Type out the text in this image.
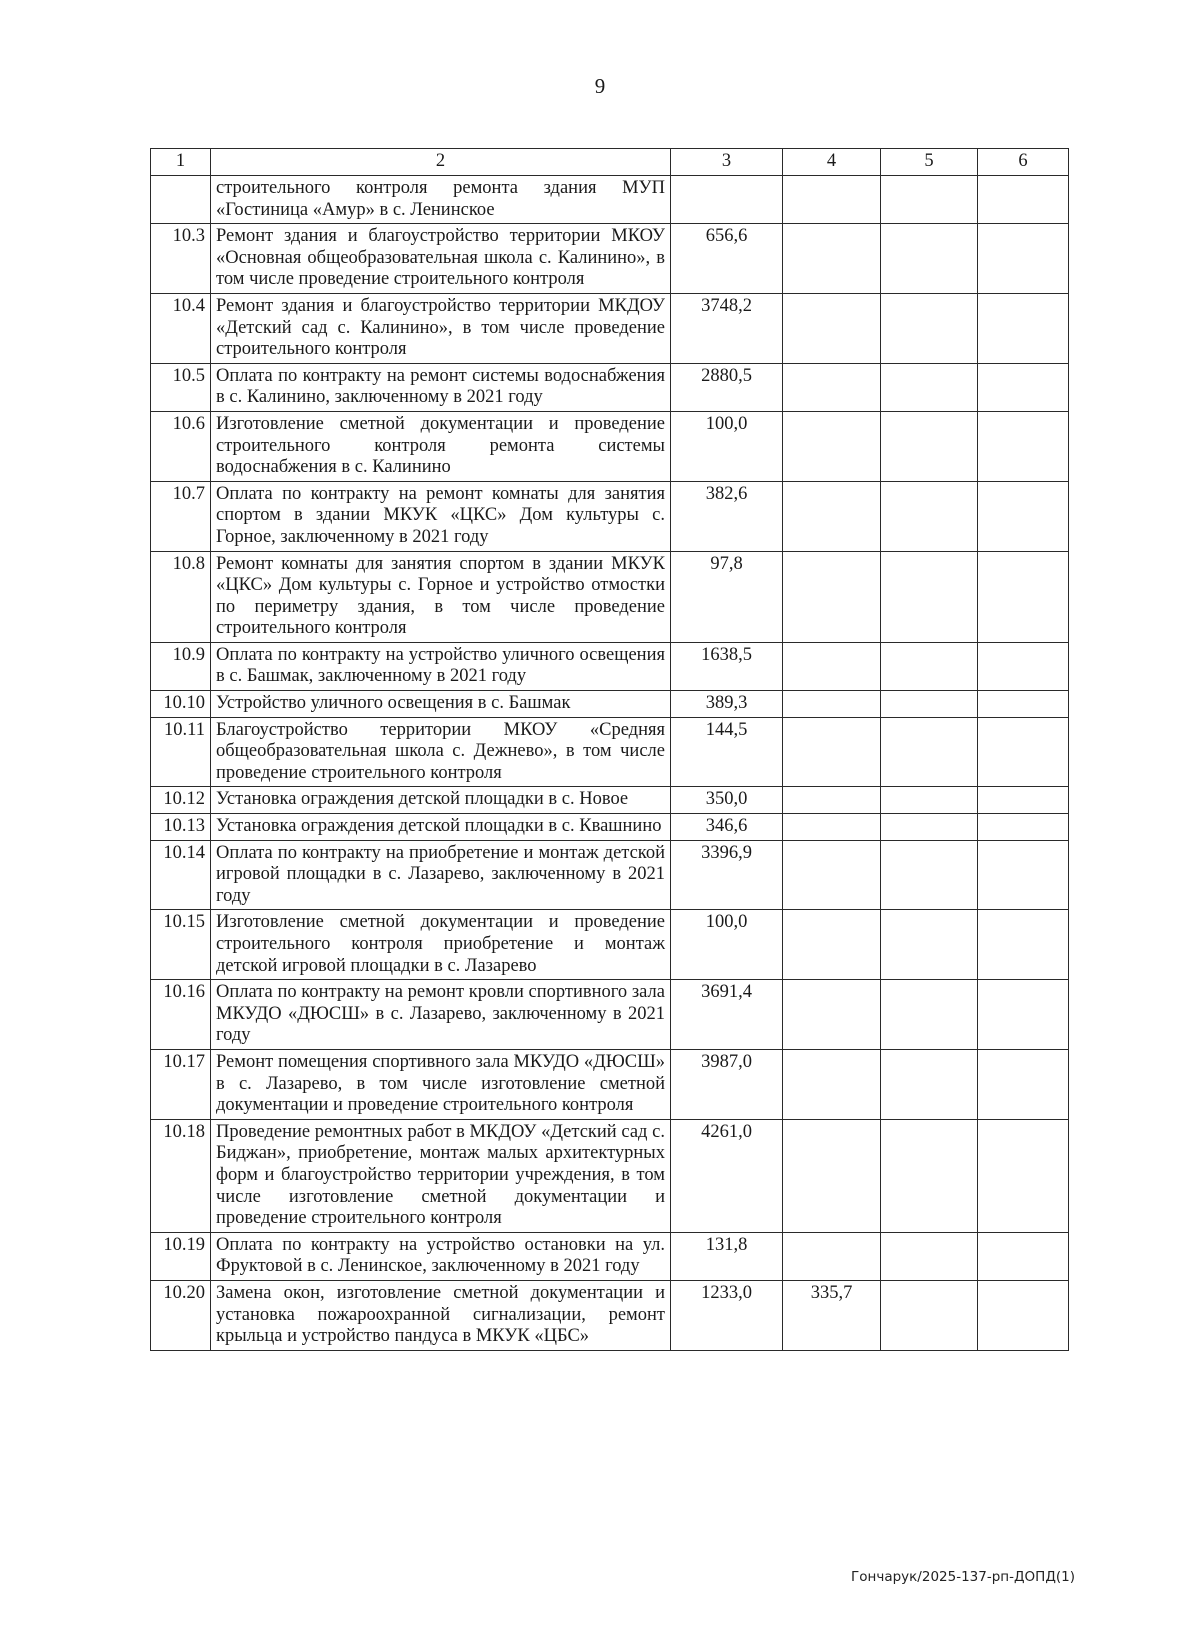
9
1	2	3	4	5	6
	строительного контроля ремонта здания МУП «Гостиница «Амур» в с. Ленинское				
10.3	Ремонт здания и благоустройство территории МКОУ «Основная общеобразовательная школа с. Калинино», в том числе проведение строительного контроля	656,6			
10.4	Ремонт здания и благоустройство территории МКДОУ «Детский сад с. Калинино», в том числе проведение строительного контроля	3748,2			
10.5	Оплата по контракту на ремонт системы водоснабжения в с. Калинино, заключенному в 2021 году	2880,5			
10.6	Изготовление сметной документации и проведение строительного контроля ремонта системы водоснабжения в с. Калинино	100,0			
10.7	Оплата по контракту на ремонт комнаты для занятия спортом в здании МКУК «ЦКС» Дом культуры с. Горное, заключенному в 2021 году	382,6			
10.8	Ремонт комнаты для занятия спортом в здании МКУК «ЦКС» Дом культуры с. Горное и устройство отмостки по периметру здания, в том числе проведение строительного контроля	97,8			
10.9	Оплата по контракту на устройство уличного освещения в с. Башмак, заключенному в 2021 году	1638,5			
10.10	Устройство уличного освещения в с. Башмак	389,3			
10.11	Благоустройство территории МКОУ «Средняя общеобразовательная школа с. Дежнево», в том числе проведение строительного контроля	144,5			
10.12	Установка ограждения детской площадки в с. Новое	350,0			
10.13	Установка ограждения детской площадки в с. Квашнино	346,6			
10.14	Оплата по контракту на приобретение и монтаж детской игровой площадки в с. Лазарево, заключенному в 2021 году	3396,9			
10.15	Изготовление сметной документации и проведение строительного контроля приобретение и монтаж детской игровой площадки в с. Лазарево	100,0			
10.16	Оплата по контракту на ремонт кровли спортивного зала МКУДО «ДЮСШ» в с. Лазарево, заключенному в 2021 году	3691,4			
10.17	Ремонт помещения спортивного зала МКУДО «ДЮСШ» в с. Лазарево, в том числе изготовление сметной документации и проведение строительного контроля	3987,0			
10.18	Проведение ремонтных работ в МКДОУ «Детский сад с. Биджан», приобретение, монтаж малых архитектурных форм и благоустройство территории учреждения, в том числе изготовление сметной документации и проведение строительного контроля	4261,0			
10.19	Оплата по контракту на устройство остановки на ул. Фруктовой в с. Ленинское, заключенному в 2021 году	131,8			
10.20	Замена окон, изготовление сметной документации и установка пожароохранной сигнализации, ремонт крыльца и устройство пандуса в МКУК «ЦБС»	1233,0	335,7		
Гончарук/2025-137-рп-ДОПД(1)
